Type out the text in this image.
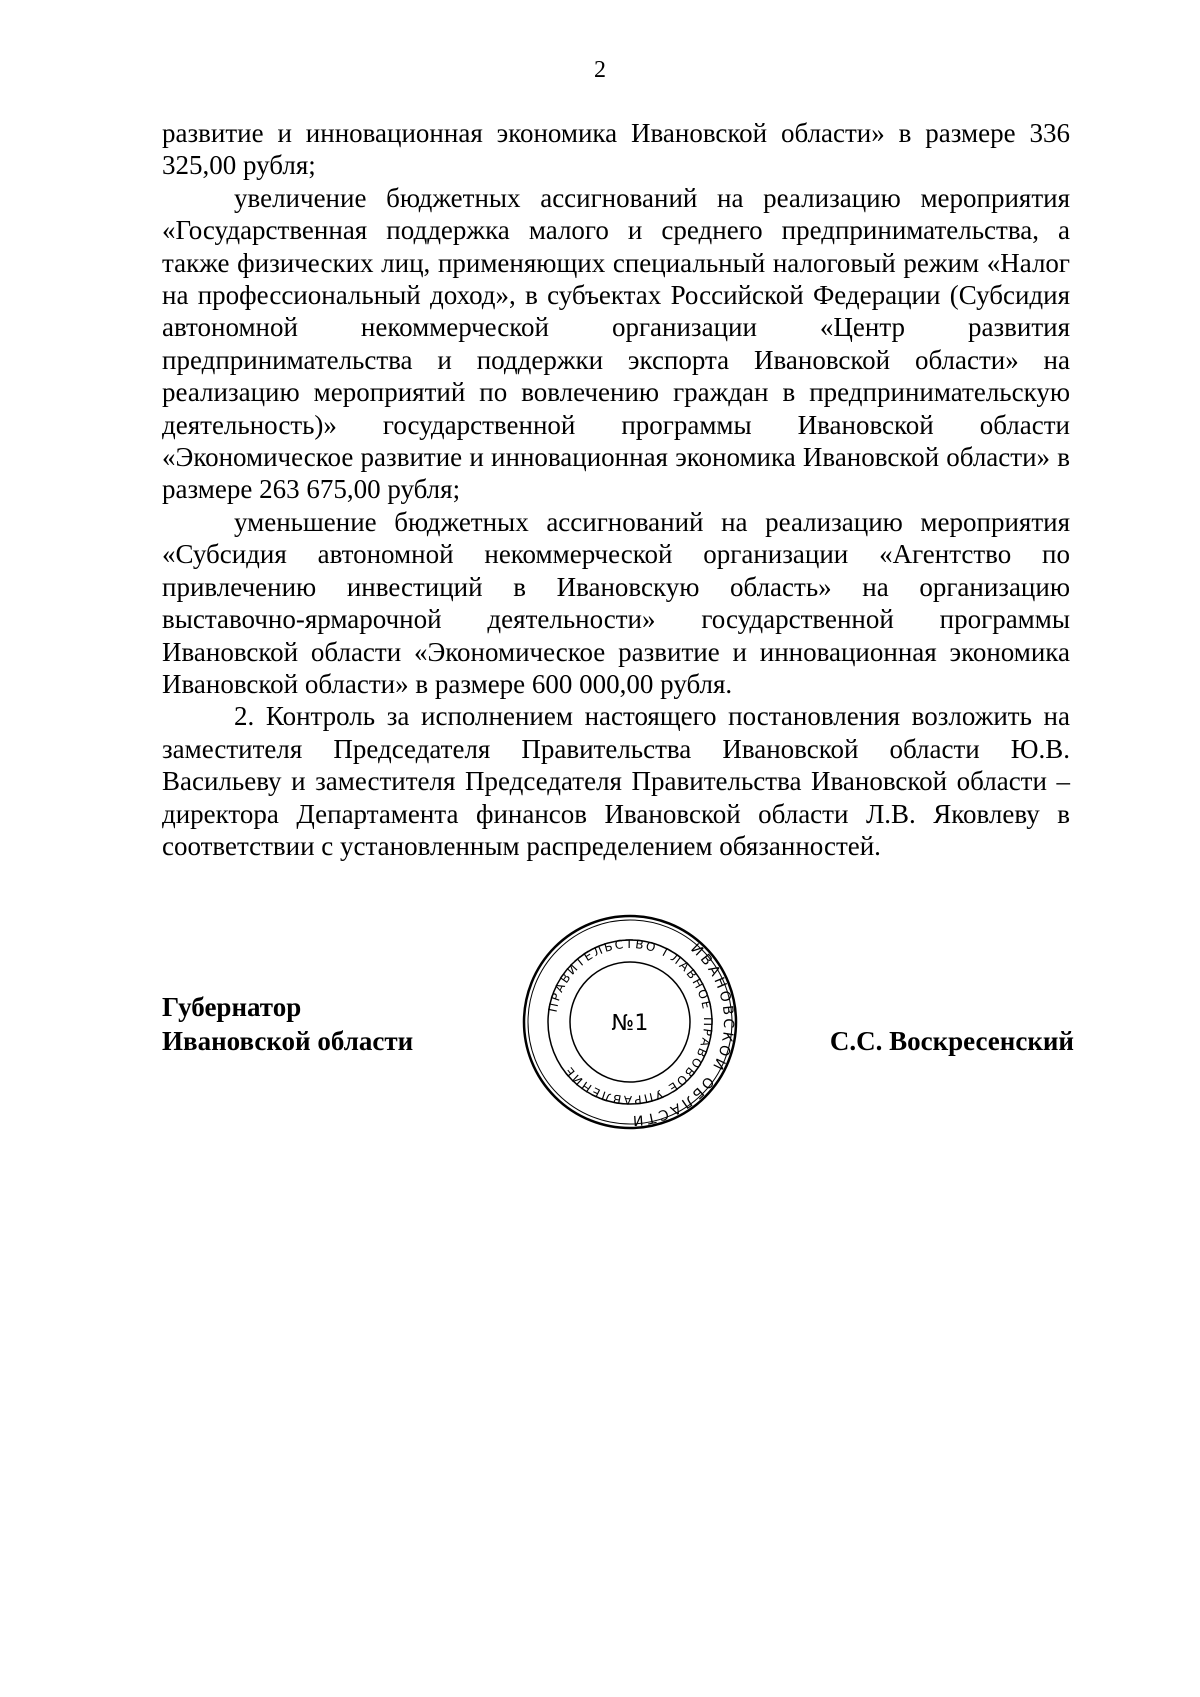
2

развитие и инновационная экономика Ивановской области» в размере 336 325,00 рубля;

увеличение бюджетных ассигнований на реализацию мероприятия «Государственная поддержка малого и среднего предпринимательства, а также физических лиц, применяющих специальный налоговый режим «Налог на профессиональный доход», в субъектах Российской Федерации (Субсидия автономной некоммерческой организации «Центр развития предпринимательства и поддержки экспорта Ивановской области» на реализацию мероприятий по вовлечению граждан в предпринимательскую деятельность)» государственной программы Ивановской области «Экономическое развитие и инновационная экономика Ивановской области» в размере 263 675,00 рубля;

уменьшение бюджетных ассигнований на реализацию мероприятия «Субсидия автономной некоммерческой организации «Агентство по привлечению инвестиций в Ивановскую область» на организацию выставочно-ярмарочной деятельности» государственной программы Ивановской области «Экономическое развитие и инновационная экономика Ивановской области» в размере 600 000,00 рубля.

2. Контроль за исполнением настоящего постановления возложить на заместителя Председателя Правительства Ивановской области Ю.В. Васильеву и заместителя Председателя Правительства Ивановской области – директора Департамента финансов Ивановской области Л.В. Яковлеву в соответствии с установленным распределением обязанностей.

Губернатор
Ивановской области
ИВАНОВСКОЙ ОБЛАСТИ
ПРАВИТЕЛЬСТВО ГЛАВНОЕ ПРАВОВОЕ УПРАВЛЕНИЕ
№1
С.С. Воскресенский
